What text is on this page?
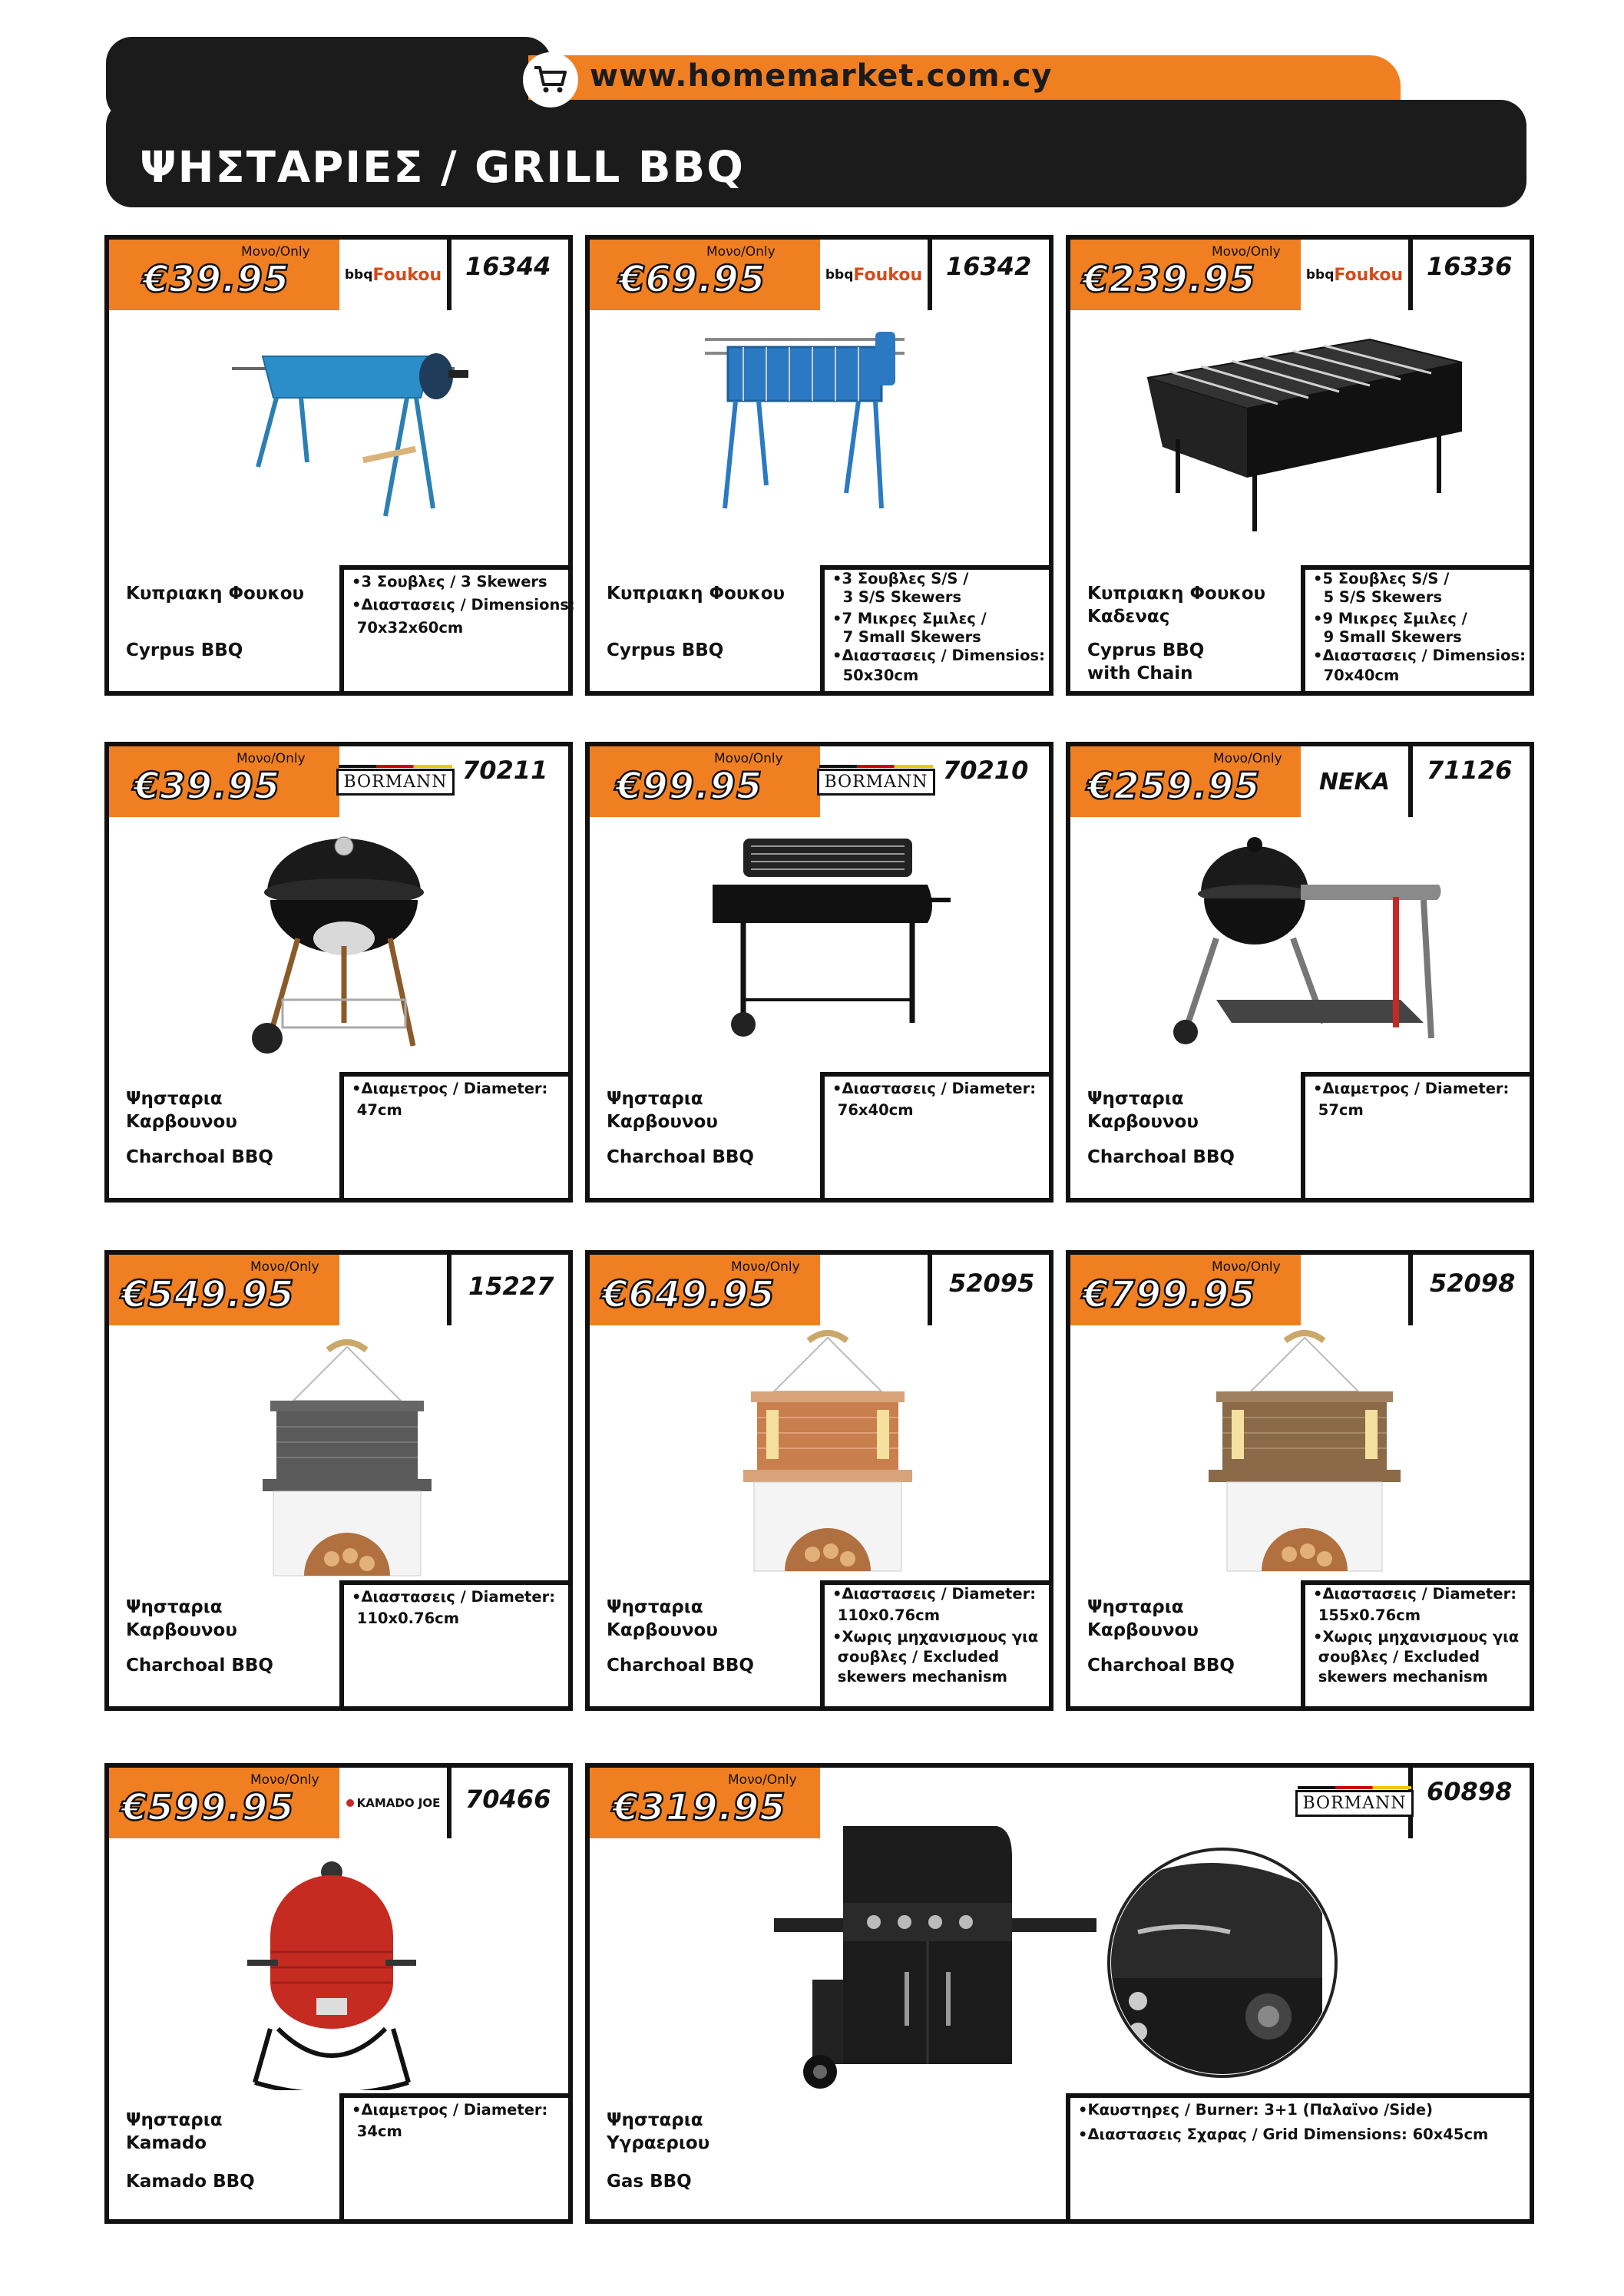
www.homemarket.com.cy
ΨΗΣΤΑΡΙΕΣ / GRILL BBQ
Μονο/Only
€39.95	bbq Foukou 16344
Κυπριακη Φουκου
Cyrpus BBQ
•3 Σουβλες / 3 Skewers
•Διαστασεις / Dimensions:
70x32x60cm
Μονο/Only
€69.95	bbq Foukou 16342
Κυπριακη Φουκου
Cyrpus BBQ
•3 Σουβλες S/S /
3 S/S Skewers
•7 Μικρες Σμιλες /
7 Small Skewers
•Διαστασεις / Dimensios:
50x30cm
Μονο/Only
€239.95	bbq Foukou 16336
Κυπριακη Φουκου
Καδενας
Cyprus BBQ
with Chain
•5 Σουβλες S/S /
5 S/S Skewers
•9 Μικρες Σμιλες /
9 Small Skewers
•Διαστασεις / Dimensios:
70x40cm
Μονο/Only
€39.95	BORMANN 70211
Ψησταρια
Καρβουνου
Charchoal BBQ
•Διαμετρος / Diameter:
47cm
Μονο/Only
€99.95	BORMANN 70210
Ψησταρια
Καρβουνου
Charchoal BBQ
•Διαστασεις / Diameter:
76x40cm
Μονο/Only
€259.95	NEKA 71126
Ψησταρια
Καρβουνου
Charchoal BBQ
•Διαμετρος / Diameter:
57cm
Μονο/Only
€549.95	15227
Ψησταρια
Καρβουνου
Charchoal BBQ
•Διαστασεις / Diameter:
110x0.76cm
Μονο/Only
€649.95	52095
Ψησταρια
Καρβουνου
Charchoal BBQ
•Διαστασεις / Diameter:
110x0.76cm
•Χωρις μηχανισμους για
σουβλες / Excluded
skewers mechanism
Μονο/Only
€799.95	52098
Ψησταρια
Καρβουνου
Charchoal BBQ
•Διαστασεις / Diameter:
155x0.76cm
•Χωρις μηχανισμους για
σουβλες / Excluded
skewers mechanism
Μονο/Only
€599.95	KAMADO JOE 70466
Ψησταρια
Kamado
Kamado BBQ
•Διαμετρος / Diameter:
34cm
Μονο/Only
€319.95	BORMANN 60898
Ψησταρια
Υγραεριου
Gas BBQ
•Καυστηρες / Burner: 3+1 (Παλαϊνο /Side)
•Διαστασεις Σχαρας / Grid Dimensions: 60x45cm
